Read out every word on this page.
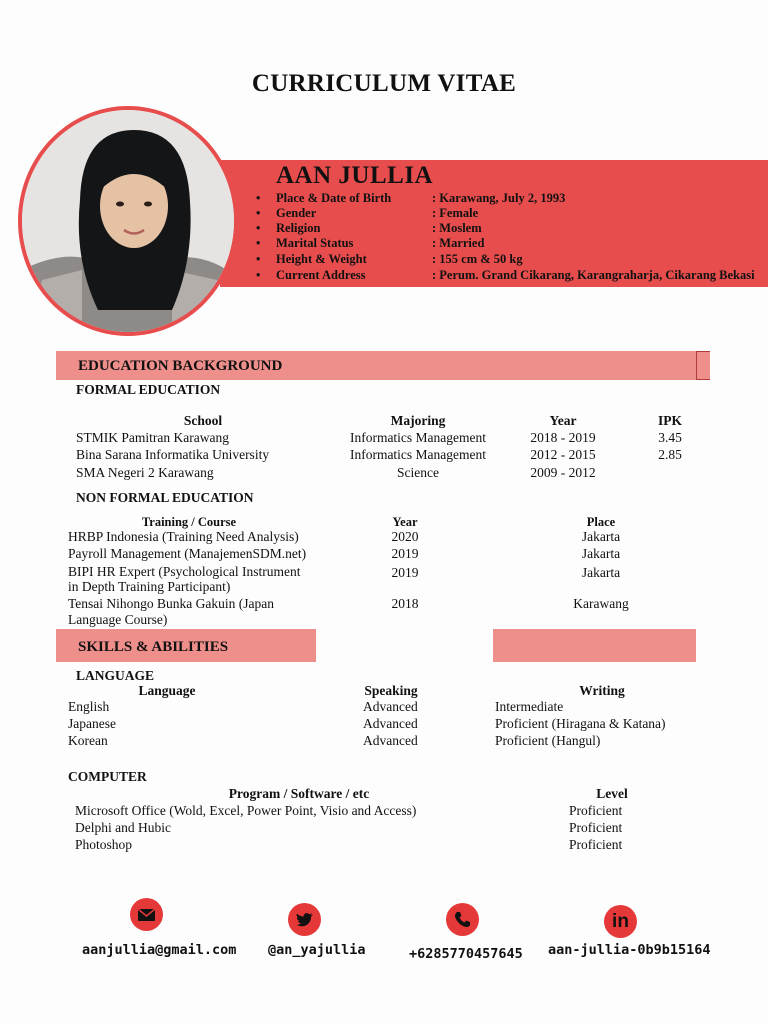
CURRICULUM VITAE
AAN JULLIA
• Place & Date of Birth	: Karawang, July 2, 1993
• Gender	: Female
• Religion	: Moslem
• Marital Status	: Married
• Height & Weight	: 155 cm & 50 kg
• Current Address	: Perum. Grand Cikarang, Karangraharja, Cikarang Bekasi
EDUCATION BACKGROUND
FORMAL EDUCATION
School	Majoring	Year	IPK
STMIK Pamitran Karawang	Informatics Management	2018 - 2019	3.45
Bina Sarana Informatika University	Informatics Management	2012 - 2015	2.85
SMA Negeri 2 Karawang	Science	2009 - 2012
NON FORMAL EDUCATION
Training / Course	Year	Place
HRBP Indonesia (Training Need Analysis)	2020	Jakarta
Payroll Management (ManajemenSDM.net)	2019	Jakarta
BIPI HR Expert (Psychological Instrument
in Depth Training Participant)
2019	Jakarta
Tensai Nihongo Bunka Gakuin (Japan
Language Course)
2018	Karawang
SKILLS & ABILITIES
LANGUAGE
Language	Speaking	Writing
English	Advanced	Intermediate
Japanese	Advanced	Proficient (Hiragana & Katana)
Korean	Advanced	Proficient (Hangul)
COMPUTER
Program / Software / etc	Level
Microsoft Office (Wold, Excel, Power Point, Visio and Access)	Proficient
Delphi and Hubic	Proficient
Photoshop	Proficient
in
aanjullia@gmail.com @an_yajullia	+6285770457645 aan-jullia-0b9b15164
